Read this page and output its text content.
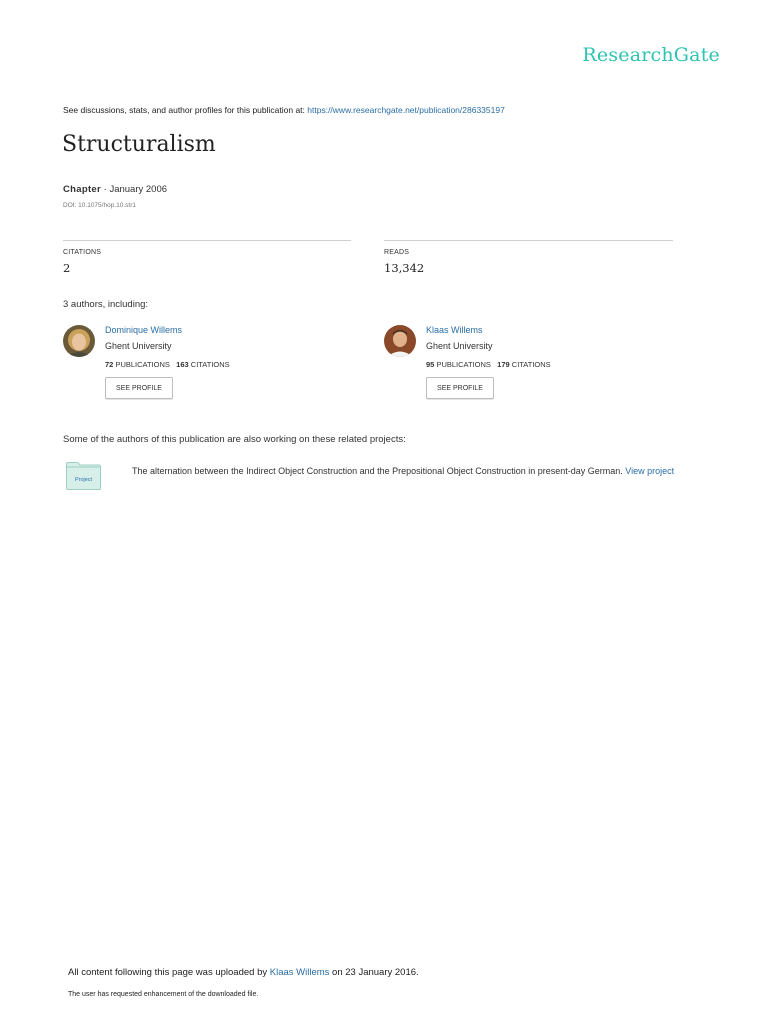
ResearchGate
See discussions, stats, and author profiles for this publication at: https://www.researchgate.net/publication/286335197
Structuralism
Chapter · January 2006
DOI: 10.1075/hop.10.str1
CITATIONS
2
READS
13,342
3 authors, including:
Dominique Willems
Ghent University
72 PUBLICATIONS 163 CITATIONS
SEE PROFILE
Klaas Willems
Ghent University
95 PUBLICATIONS 179 CITATIONS
SEE PROFILE
Some of the authors of this publication are also working on these related projects:
Project
The alternation between the Indirect Object Construction and the Prepositional Object Construction in present-day German. View project
All content following this page was uploaded by Klaas Willems on 23 January 2016.
The user has requested enhancement of the downloaded file.
